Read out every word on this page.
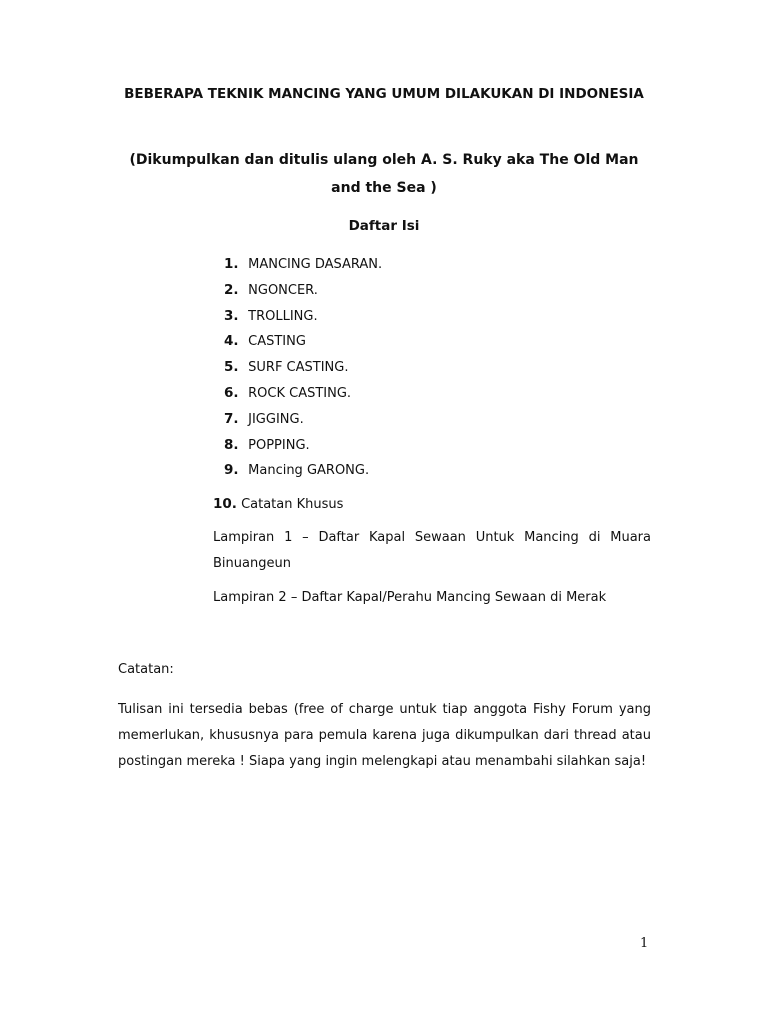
BEBERAPA TEKNIK MANCING YANG UMUM DILAKUKAN DI INDONESIA
(Dikumpulkan dan ditulis ulang oleh A. S. Ruky aka The Old Man and the Sea )
Daftar Isi
1. MANCING DASARAN.
2. NGONCER.
3. TROLLING.
4. CASTING
5. SURF CASTING.
6. ROCK CASTING.
7. JIGGING.
8. POPPING.
9. Mancing GARONG.
10. Catatan Khusus
Lampiran 1 – Daftar Kapal Sewaan Untuk Mancing di Muara Binuangeun
Lampiran 2 – Daftar Kapal/Perahu Mancing Sewaan di Merak
Catatan:
Tulisan ini tersedia bebas (free of charge untuk tiap anggota Fishy Forum yang memerlukan, khususnya para pemula karena juga dikumpulkan dari thread atau postingan mereka ! Siapa yang ingin melengkapi atau menambahi silahkan saja!
1
